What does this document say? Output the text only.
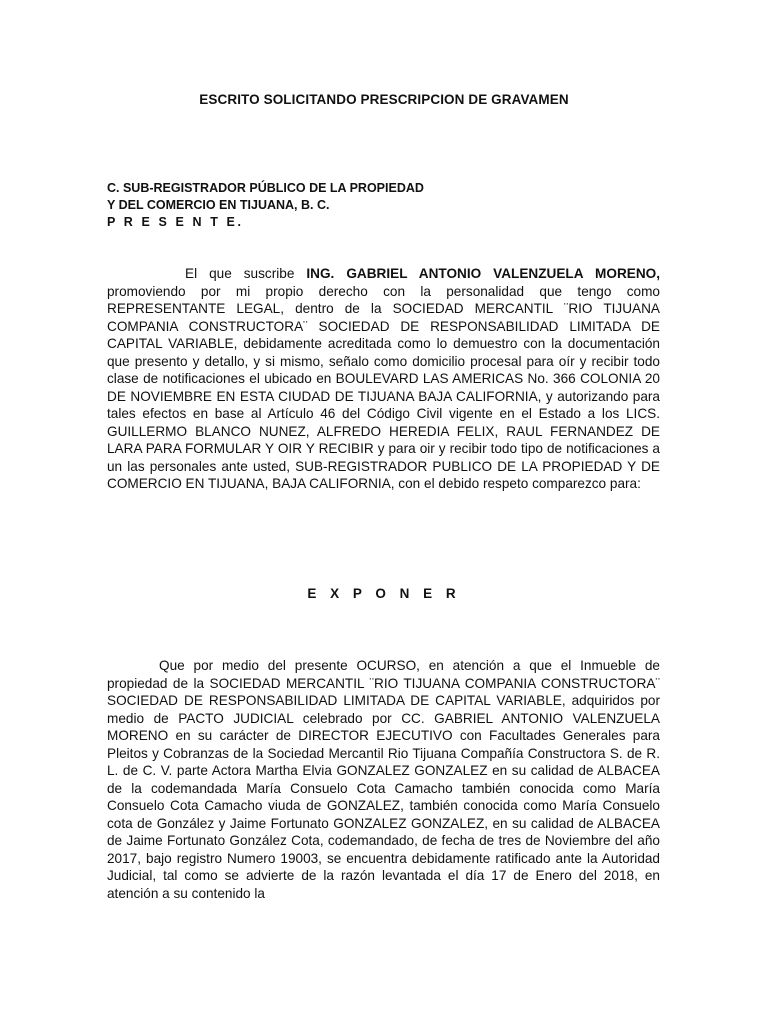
ESCRITO SOLICITANDO PRESCRIPCION DE GRAVAMEN
C. SUB-REGISTRADOR PÚBLICO DE LA PROPIEDAD
Y DEL COMERCIO EN TIJUANA, B. C.
P R E S E N T E.
El que suscribe ING. GABRIEL ANTONIO VALENZUELA MORENO, promoviendo por mi propio derecho con la personalidad que tengo como REPRESENTANTE LEGAL, dentro de la SOCIEDAD MERCANTIL ¨RIO TIJUANA COMPANIA CONSTRUCTORA¨ SOCIEDAD DE RESPONSABILIDAD LIMITADA DE CAPITAL VARIABLE, debidamente acreditada como lo demuestro con la documentación que presento y detallo, y si mismo, señalo como domicilio procesal para oír y recibir todo clase de notificaciones el ubicado en BOULEVARD LAS AMERICAS No. 366 COLONIA 20 DE NOVIEMBRE EN ESTA CIUDAD DE TIJUANA BAJA CALIFORNIA, y autorizando para tales efectos en base al Artículo 46 del Código Civil vigente en el Estado a los LICS. GUILLERMO BLANCO NUNEZ, ALFREDO HEREDIA FELIX, RAUL FERNANDEZ DE LARA PARA FORMULAR Y OIR Y RECIBIR y para oir y recibir todo tipo de notificaciones a un las personales ante usted, SUB-REGISTRADOR PUBLICO DE LA PROPIEDAD Y DE COMERCIO EN TIJUANA, BAJA CALIFORNIA, con el debido respeto comparezco para:
E X P O N E R
Que por medio del presente OCURSO, en atención a que el Inmueble de propiedad de la SOCIEDAD MERCANTIL ¨RIO TIJUANA COMPANIA CONSTRUCTORA¨ SOCIEDAD DE RESPONSABILIDAD LIMITADA DE CAPITAL VARIABLE, adquiridos por medio de PACTO JUDICIAL celebrado por CC. GABRIEL ANTONIO VALENZUELA MORENO en su carácter de DIRECTOR EJECUTIVO con Facultades Generales para Pleitos y Cobranzas de la Sociedad Mercantil Rio Tijuana Compañía Constructora S. de R. L. de C. V. parte Actora Martha Elvia GONZALEZ GONZALEZ en su calidad de ALBACEA de la codemandada María Consuelo Cota Camacho también conocida como María Consuelo Cota Camacho viuda de GONZALEZ, también conocida como María Consuelo cota de González y Jaime Fortunato GONZALEZ GONZALEZ, en su calidad de ALBACEA de Jaime Fortunato González Cota, codemandado, de fecha de tres de Noviembre del año 2017, bajo registro Numero 19003, se encuentra debidamente ratificado ante la Autoridad Judicial, tal como se advierte de la razón levantada el día 17 de Enero del 2018, en atención a su contenido la
